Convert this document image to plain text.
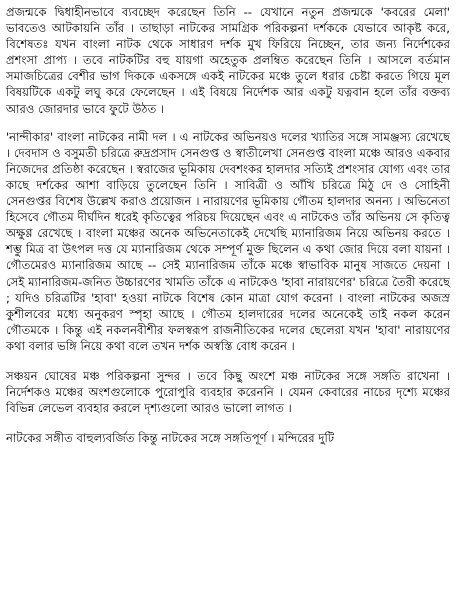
প্রজন্মকে দ্বিধাহীনভাবে ব্যবচ্ছেদ করেছেন তিনি -- যেখানে নতুন প্রজন্মকে 'কবরের মেলা' ভাবতেও আটকায়নি তাঁর । তাছাড়া নাটকের সামগ্রিক পরিকল্পনা দর্শককে যেভাবে আকৃষ্ট করে, বিশেষতঃ যখন বাংলা নাটক থেকে সাধারণ দর্শক মুখ ফিরিয়ে নিচ্ছেন, তার জন্য নির্দেশকের প্রশংসা প্রাপ্য । তবে নাটকটির বহু যায়গা অহেতুক প্রলম্বিত করেছেন তিনি । আসলে বর্তমান সমাজচিত্রের বেশীর ভাগ দিককে একসঙ্গে একই নাটকের মঞ্চে তুলে ধরার চেষ্টা করতে গিয়ে মূল বিষয়টিকে একটু লঘু করে ফেলেছেন । এই বিষয়ে নির্দেশক আর একটু যত্নবান হলে তাঁর বক্তব্য আরও জোরদার ভাবে ফুটে উঠত ।

'নান্দীকার' বাংলা নাটকের নামী দল । এ নাটকের অভিনয়ও দলের খ্যাতির সঙ্গে সামঞ্জস্য রেখেছে । দেবদাস ও বসুমতী চরিত্রে রুদ্রপ্রসাদ সেনগুপ্ত ও স্বাতীলেখা সেনগুপ্ত বাংলা মঞ্চে আরও একবার নিজেদের প্রতিষ্ঠা করেছেন । স্বরাজের ভূমিকায় দেবশংকর হালদার সত্যিই প্রশংসার যোগ্য এবং তার কাছে দর্শকের আশা বাড়িয়ে তুলেছেন তিনি । সাবিত্রী ও আঁখি চরিত্রে মিঠু দে ও সোহিনী সেনগুপ্তর বিশেষ উল্লেখ করাও প্রয়োজন । নারায়ণের ভূমিকায় গৌতম হালদার অনন্য । অভিনেতা হিসেবে গৌতম দীর্ঘদিন ধরেই কৃতিত্বের পরিচয় দিয়েছেন এবং এ নাটকেও তাঁর অভিনয় সে কৃতিত্ব অক্ষুণ্ণ রেখেছে । বাংলা মঞ্চের অনেক অভিনেতাকেই দেখেছি ম্যানারিজম নিয়ে অভিনয় করতে । শম্ভু মিত্র বা উৎপল দত্ত যে ম্যানারিজম থেকে সম্পূর্ণ মুক্ত ছিলেন এ কথা জোর দিয়ে বলা যায়না । গৌতমেরও ম্যানারিজম আছে -- সেই ম্যানারিজম তাঁকে মঞ্চে স্বাভাবিক মানুষ সাজতে দেয়না । সেই ম্যানারিজম-জনিত উচ্চারণের খামতি তাঁকে এ নাটকেও 'হাবা নারায়ণের' চরিত্রে তৈরী করেছে ; যদিও চরিত্রটির 'হাবা' হওয়া নাটকে বিশেষ কোন মাত্রা যোগ করেনা । বাংলা নাটকের অজস্র কুশীলবের মধ্যে অনুকরণ স্পৃহা আছে । গৌতম হালদারের দলের অনেকেই তাই নকল করেন গৌতমকে । কিন্তু এই নকলনবীশীর ফলস্বরূপ রাজনীতিকের দলের ছেলেরা যখন 'হাবা' নারায়ণের কথা বলার ভঙ্গি নিয়ে কথা বলে তখন দর্শক অস্বস্তি বোধ করেন ।

সঞ্চয়ন ঘোষের মঞ্চ পরিকল্পনা সুন্দর । তবে কিছু অংশে মঞ্চ নাটকের সঙ্গে সঙ্গতি রাখেনা । নির্দেশকও মঞ্চের অংশগুলোকে পুরোপুরি ব্যবহার করেননি । যেমন কেবারের নাচের দৃশ্যে মঞ্চের বিভিন্ন লেভেল ব্যবহার করলে দৃশ্যগুলো আরও ভালো লাগত ।

নাটকের সঙ্গীত বাহুল্যবর্জিত কিন্তু নাটকের সঙ্গে সঙ্গতিপূর্ণ । মন্দিরের দুটি
